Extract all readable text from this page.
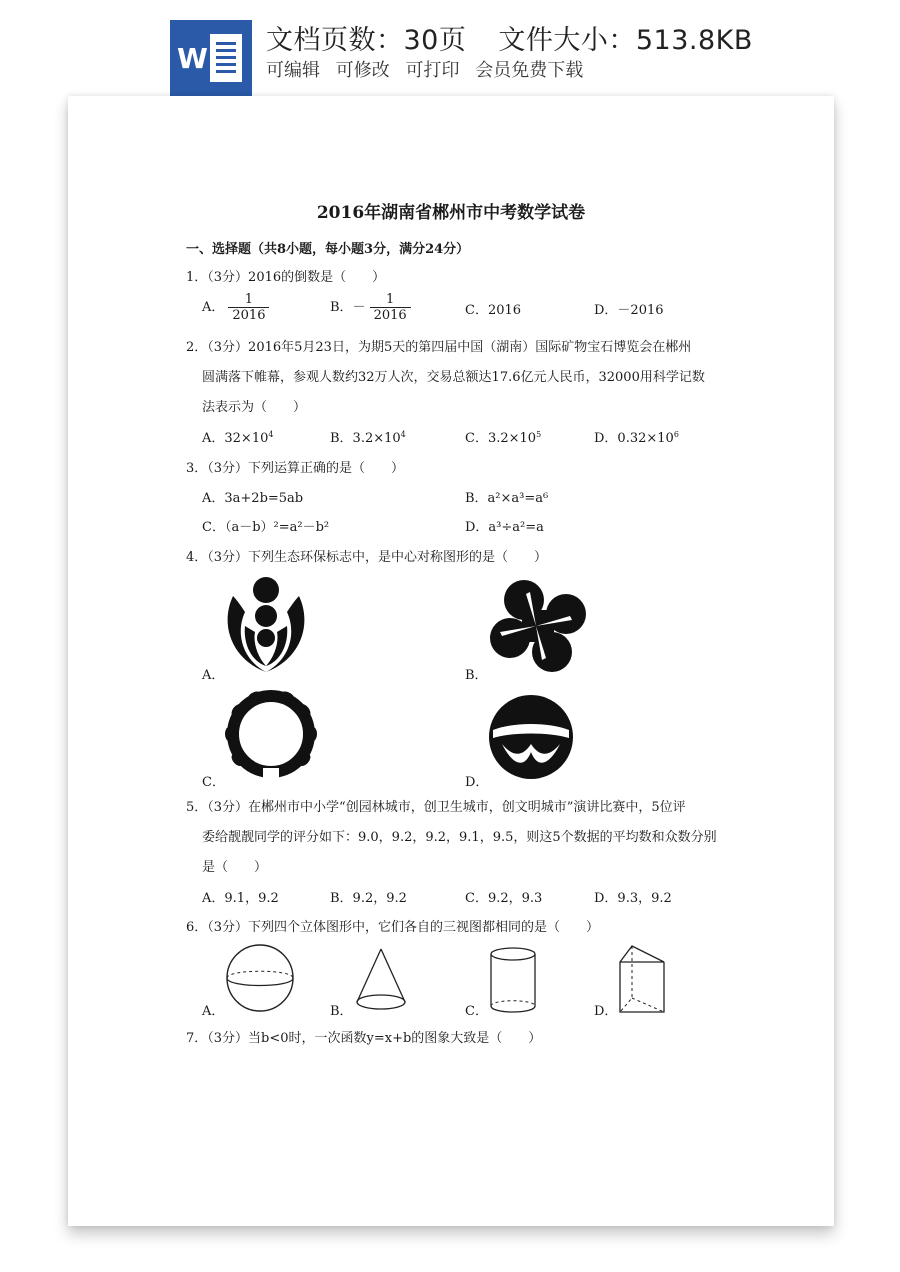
W
文档页数：30页 文件大小：513.8KB
可编辑 可修改 可打印 会员免费下载
2016年湖南省郴州市中考数学试卷
一、选择题（共8小题，每小题3分，满分24分）
1．（3分）2016的倒数是（　　）
A． $\frac{1}{2016}$	B．－ $\frac{1}{2016}$	C．2016	D．－2016
2．（3分）2016年5月23日，为期5天的第四届中国（湖南）国际矿物宝石博览会在郴州
圆满落下帷幕，参观人数约32万人次，交易总额达17.6亿元人民币，32000用科学记数
法表示为（　　）
A．$32\times 10^4$	B．$3.2\times 10^4$	C．$3.2\times 10^5$	D．$0.32\times 10^6$
3．（3分）下列运算正确的是（　　）
A．3a+2b=5ab	B．a²×a³=a⁶
C．（a－b）²=a²－b²	D．a³÷a²=a
4．（3分）下列生态环保标志中，是中心对称图形的是（　　）
A．	B．
C．	D．
5．（3分）在郴州市中小学“创园林城市，创卫生城市，创文明城市”演讲比赛中，5位评
委给靓靓同学的评分如下：9.0，9.2，9.2，9.1，9.5，则这5个数据的平均数和众数分别
是（　　）
A．9.1，9.2	B．9.2，9.2	C．9.2，9.3	D．9.3，9.2
6．（3分）下列四个立体图形中，它们各自的三视图都相同的是（　　）
A．	B．	C．	D．
7．（3分）当b<0时，一次函数y=x+b的图象大致是（　　）
